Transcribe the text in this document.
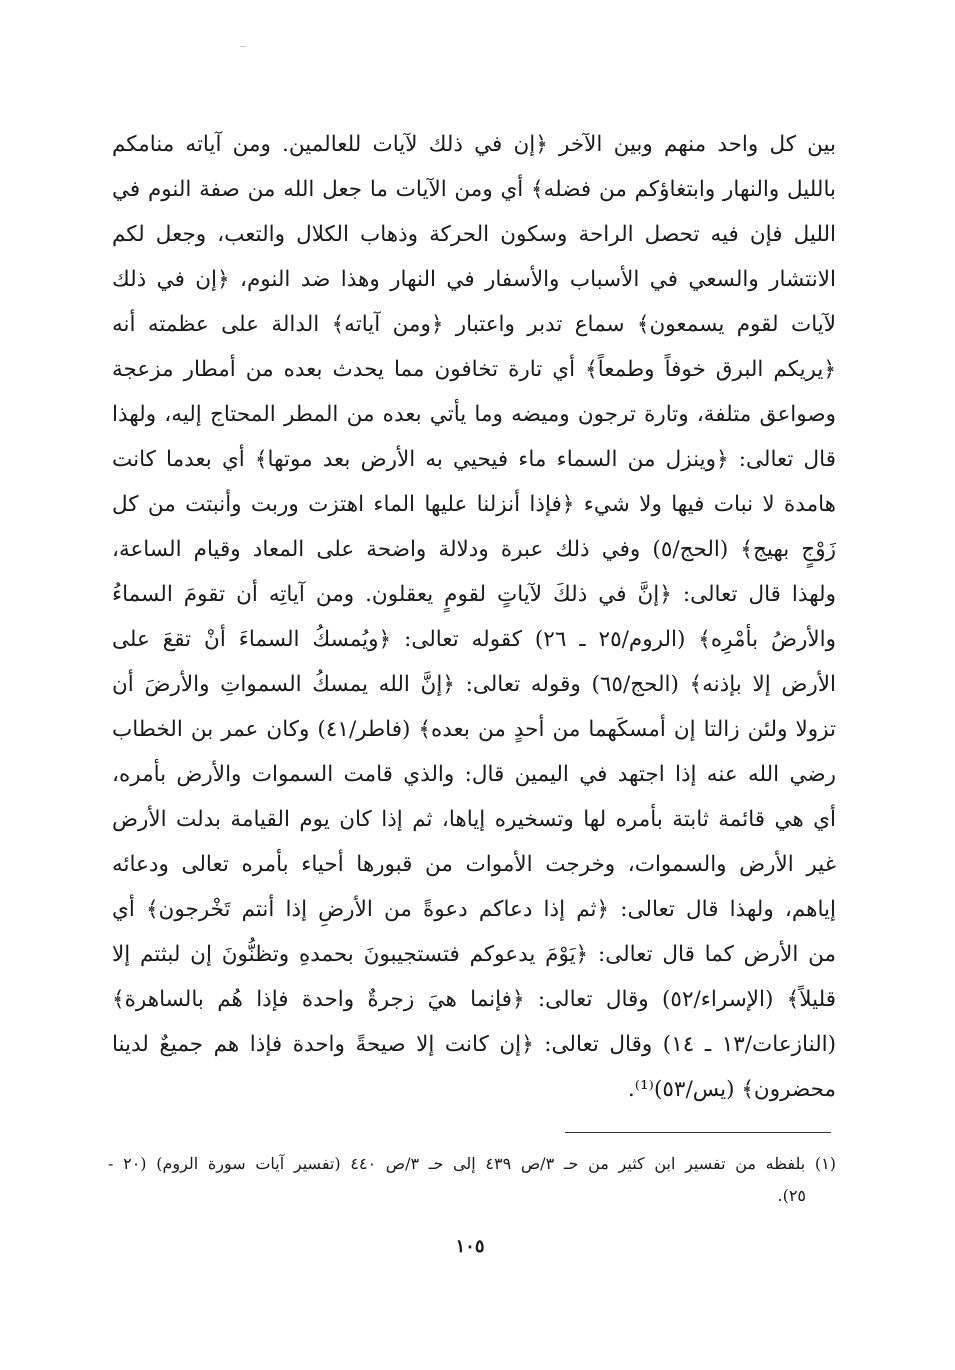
بين كل واحد منهم وبين الآخر ﴿إن في ذلك لآيات للعالمين. ومن آياته منامكم
بالليل والنهار وابتغاؤكم من فضله﴾ أي ومن الآيات ما جعل الله من صفة النوم في
الليل فإن فيه تحصل الراحة وسكون الحركة وذهاب الكلال والتعب، وجعل لكم
الانتشار والسعي في الأسباب والأسفار في النهار وهذا ضد النوم، ﴿إن في ذلك
لآيات لقوم يسمعون﴾ سماع تدبر واعتبار ﴿ومن آياته﴾ الدالة على عظمته أنه
﴿يريكم البرق خوفاً وطمعاً﴾ أي تارة تخافون مما يحدث بعده من أمطار مزعجة
وصواعق متلفة، وتارة ترجون وميضه وما يأتي بعده من المطر المحتاج إليه، ولهذا
قال تعالى: ﴿وينزل من السماء ماء فيحيي به الأرض بعد موتها﴾ أي بعدما كانت
هامدة لا نبات فيها ولا شيء ﴿فإذا أنزلنا عليها الماء اهتزت وربت وأنبتت من كل
زَوْجٍ بهيج﴾ (الحج/٥) وفي ذلك عبرة ودلالة واضحة على المعاد وقيام الساعة،
ولهذا قال تعالى: ﴿إنَّ في ذلكَ لآياتٍ لقومٍ يعقلون. ومن آياتِه أن تقومَ السماءُ
والأرضُ بأمْرِه﴾ (الروم/٢٥ ـ ٢٦) كقوله تعالى: ﴿ويُمسكُ السماءَ أنْ تقعَ على
الأرض إلا بإذنه﴾ (الحج/٦٥) وقوله تعالى: ﴿إنَّ الله يمسكُ السمواتِ والأرضَ أن
تزولا ولئن زالتا إن أمسكَهما من أحدٍ من بعده﴾ (فاطر/٤١) وكان عمر بن الخطاب
رضي الله عنه إذا اجتهد في اليمين قال: والذي قامت السموات والأرض بأمره،
أي هي قائمة ثابتة بأمره لها وتسخيره إياها، ثم إذا كان يوم القيامة بدلت الأرض
غير الأرض والسموات، وخرجت الأموات من قبورها أحياء بأمره تعالى ودعائه
إياهم، ولهذا قال تعالى: ﴿ثم إذا دعاكم دعوةً من الأرضِ إذا أنتم تَخْرجون﴾ أي
من الأرض كما قال تعالى: ﴿يَوْمَ يدعوكم فتستجيبونَ بحمدهِ وتظنُّونَ إن لبثتم إلا
قليلاً﴾ (الإسراء/٥٢) وقال تعالى: ﴿فإنما هيَ زجرةٌ واحدة فإذا هُم بالساهرة﴾
(النازعات/١٣ ـ ١٤) وقال تعالى: ﴿إن كانت إلا صيحةً واحدة فإذا هم جميعٌ لدينا
محضرون﴾ (يس/٥٣)⁽¹⁾.
(١) بلفظه من تفسير ابن كثير من حـ ٣/ص ٤٣٩ إلى حـ ٣/ص ٤٤٠ (تفسير آيات سورة الروم) (٢٠ -
٢٥).
١٠٥
